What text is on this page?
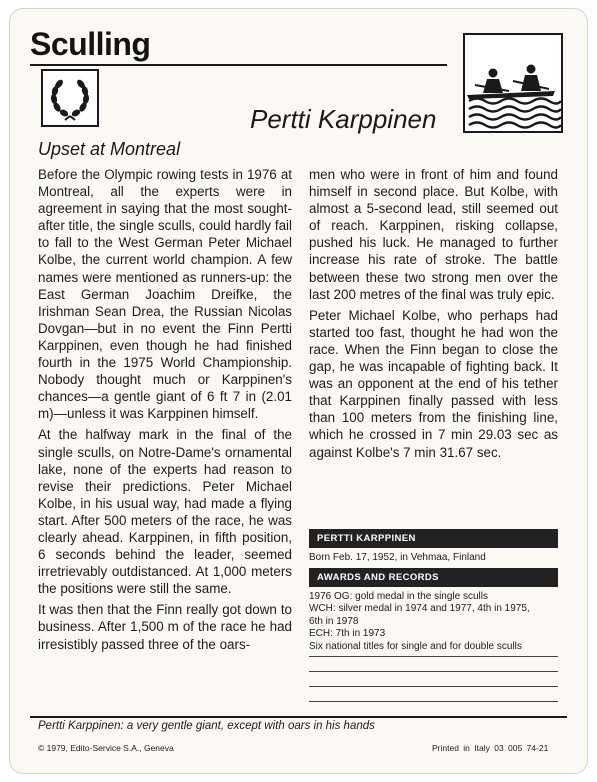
Sculling
Pertti Karppinen
Upset at Montreal

Before the Olympic rowing tests in 1976 at Montreal, all the experts were in agreement in saying that the most sought-after title, the single sculls, could hardly fail to fall to the West German Peter Michael Kolbe, the current world champion. A few names were mentioned as runners-up: the East German Joachim Dreifke, the Irishman Sean Drea, the Russian Nicolas Dovgan—but in no event the Finn Pertti Karppinen, even though he had finished fourth in the 1975 World Championship. Nobody thought much or Karppinen's chances—a gentle giant of 6 ft 7 in (2.01 m)—unless it was Karppinen himself.

At the halfway mark in the final of the single sculls, on Notre-Dame's ornamental lake, none of the experts had reason to revise their predictions. Peter Michael Kolbe, in his usual way, had made a flying start. After 500 meters of the race, he was clearly ahead. Karppinen, in fifth position, 6 seconds behind the leader, seemed irretrievably outdistanced. At 1,000 meters the positions were still the same.

It was then that the Finn really got down to business. After 1,500 m of the race he had irresistibly passed three of the oars-

men who were in front of him and found himself in second place. But Kolbe, with almost a 5-second lead, still seemed out of reach. Karppinen, risking collapse, pushed his luck. He managed to further increase his rate of stroke. The battle between these two strong men over the last 200 metres of the final was truly epic.

Peter Michael Kolbe, who perhaps had started too fast, thought he had won the race. When the Finn began to close the gap, he was incapable of fighting back. It was an opponent at the end of his tether that Karppinen finally passed with less than 100 meters from the finishing line, which he crossed in 7 min 29.03 sec as against Kolbe's 7 min 31.67 sec.

PERTTI KARPPINEN
Born Feb. 17, 1952, in Vehmaa, Finland
AWARDS AND RECORDS
1976 OG: gold medal in the single sculls
WCH: silver medal in 1974 and 1977, 4th in 1975,
6th in 1978
ECH: 7th in 1973
Six national titles for single and for double sculls
Pertti Karppinen: a very gentle giant, except with oars in his hands
© 1979, Edito-Service S.A., Geneva	Printed in Italy 03 005 74-21
